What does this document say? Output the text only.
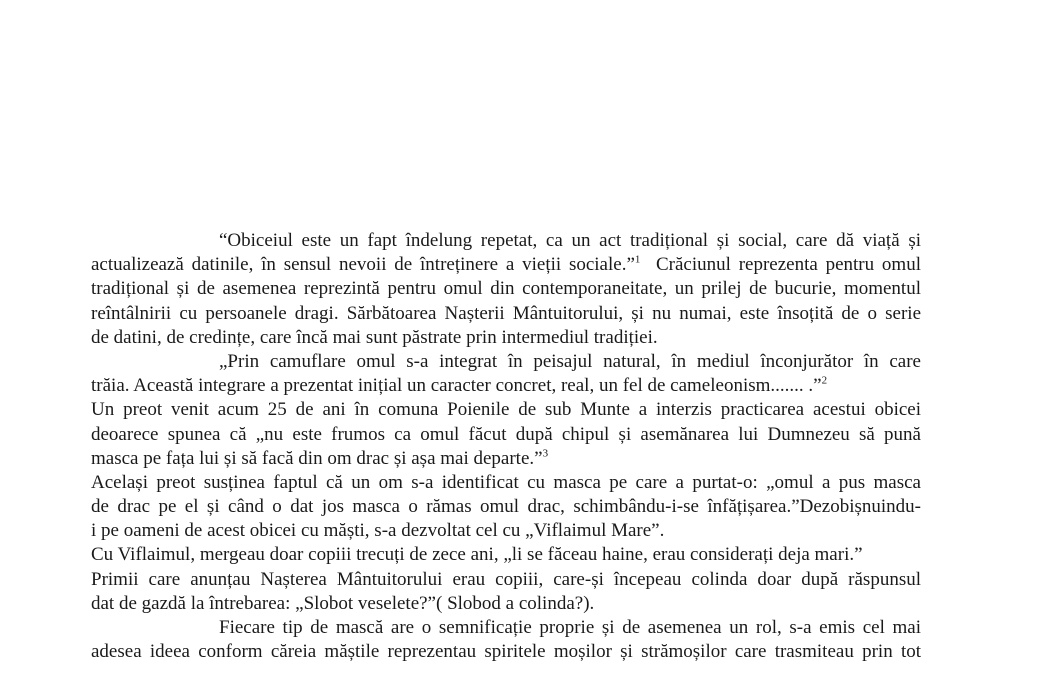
“Obiceiul este un fapt îndelung repetat, ca un act tradițional și social, care dă viață și
actualizează datinile, în sensul nevoii de întreținere a vieții sociale.”$^1$  Crăciunul reprezenta pentru omul
tradițional și de asemenea reprezintă pentru omul din contemporaneitate, un prilej de bucurie, momentul
reîntâlnirii cu persoanele dragi. Sărbătoarea Nașterii Mântuitorului, și nu numai, este însoțită de o serie
de datini, de credințe, care încă mai sunt păstrate prin intermediul tradiției.
„Prin camuflare omul s-a integrat în peisajul natural, în mediul înconjurător în care
trăia. Această integrare a prezentat inițial un caracter concret, real, un fel de cameleonism....... .”$^2$
Un preot venit acum 25 de ani în comuna Poienile de sub Munte a interzis practicarea acestui obicei
deoarece spunea că „nu este frumos ca omul făcut după chipul și asemănarea lui Dumnezeu să pună
masca pe fața lui și să facă din om drac și așa mai departe.”$^3$
Același preot susținea faptul că un om s-a identificat cu masca pe care a purtat-o: „omul a pus masca
de drac pe el și când o dat jos masca o rămas omul drac, schimbându-i-se înfățișarea.”Dezobișnuindu-
i pe oameni de acest obicei cu măști, s-a dezvoltat cel cu „Viflaimul Mare”.
Cu Viflaimul, mergeau doar copiii trecuți de zece ani, „li se făceau haine, erau considerați deja mari.”
Primii care anunțau Nașterea Mântuitorului erau copiii, care-și începeau colinda doar după răspunsul
dat de gazdă la întrebarea: „Slobot veselete?”( Slobod a colinda?).
Fiecare tip de mască are o semnificație proprie și de asemenea un rol, s-a emis cel mai
adesea ideea conform căreia măștile reprezentau spiritele moșilor și strămoșilor care trasmiteau prin tot
